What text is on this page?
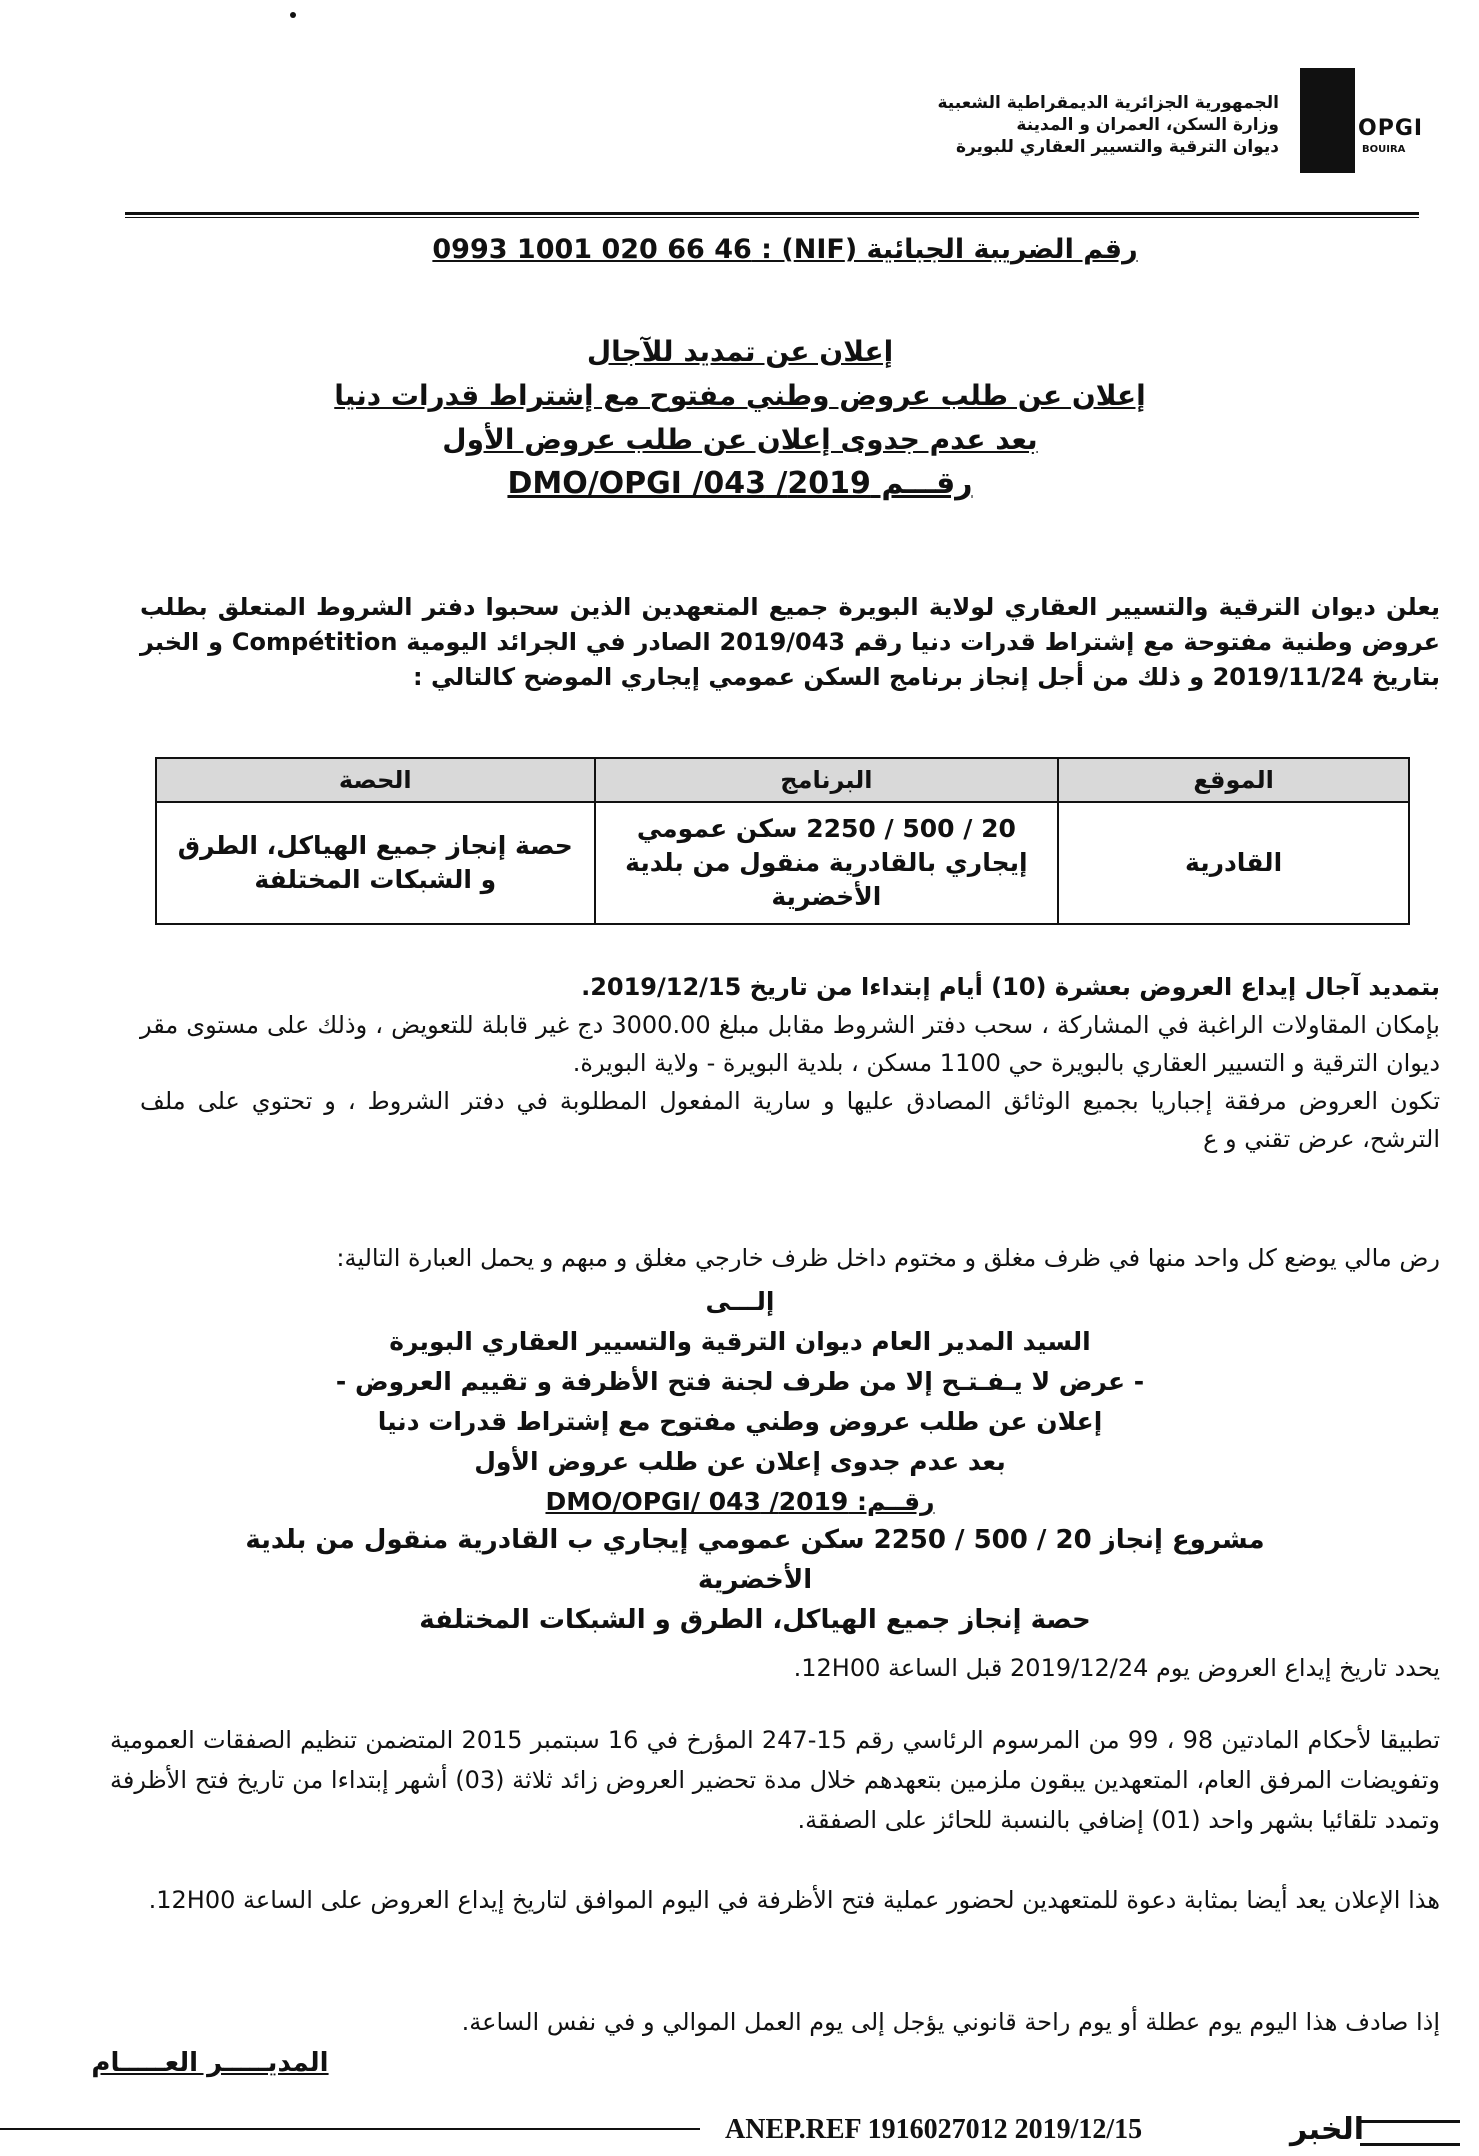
OPGI
BOUIRA
الجمهورية الجزائرية الديمقراطية الشعبية
وزارة السكن، العمران و المدينة
ديوان الترقية والتسيير العقاري للبويرة
رقم الضريبة الجبائية (NIF) : 0993 1001 020 66 46
إعلان عن تمديد للآجال
إعلان عن طلب عروض وطني مفتوح مع إشتراط قدرات دنيا
بعد عدم جدوى إعلان عن طلب عروض الأول
رقـــم 2019/ DMO/OPGI /043
يعلن ديوان الترقية والتسيير العقاري لولاية البويرة جميع المتعهدين الذين سحبوا دفتر الشروط المتعلق بطلب عروض وطنية مفتوحة مع إشتراط قدرات دنيا رقم 2019/043 الصادر في الجرائد اليومية Compétition و الخبر بتاريخ 2019/11/24 و ذلك من أجل إنجاز برنامج السكن عمومي إيجاري الموضح كالتالي :
الموقع	البرنامج	الحصة
القادرية	20 / 500 / 2250 سكن عمومي إيجاري بالقادرية منقول من بلدية الأخضرية	حصة إنجاز جميع الهياكل، الطرق و الشبكات المختلفة
بتمديد آجال إيداع العروض بعشرة (10) أيام إبتداءا من تاريخ 2019/12/15.
بإمكان المقاولات الراغبة في المشاركة ، سحب دفتر الشروط مقابل مبلغ 3000.00 دج غير قابلة للتعويض ، وذلك على مستوى مقر ديوان الترقية و التسيير العقاري بالبويرة حي 1100 مسكن ، بلدية البويرة - ولاية البويرة.
تكون العروض مرفقة إجباريا بجميع الوثائق المصادق عليها و سارية المفعول المطلوبة في دفتر الشروط ، و تحتوي على ملف الترشح، عرض تقني و ع
رض مالي يوضع كل واحد منها في ظرف مغلق و مختوم داخل ظرف خارجي مغلق و مبهم و يحمل العبارة التالية:
إلـــى
السيد المدير العام ديوان الترقية والتسيير العقاري البويرة
- عرض لا يـفـتـح إلا من طرف لجنة فتح الأظرفة و تقييم العروض -
إعلان عن طلب عروض وطني مفتوح مع إشتراط قدرات دنيا
بعد عدم جدوى إعلان عن طلب عروض الأول
رقــم: 2019/ DMO/OPGI/ 043
مشروع إنجاز 20 / 500 / 2250 سكن عمومي إيجاري ب القادرية منقول من بلدية الأخضرية
حصة إنجاز جميع الهياكل، الطرق و الشبكات المختلفة
يحدد تاريخ إيداع العروض يوم 2019/12/24 قبل الساعة 12H00.
تطبيقا لأحكام المادتين 98 ، 99 من المرسوم الرئاسي رقم 15-247 المؤرخ في 16 سبتمبر 2015 المتضمن تنظيم الصفقات العمومية وتفويضات المرفق العام، المتعهدين يبقون ملزمين بتعهدهم خلال مدة تحضير العروض زائد ثلاثة (03) أشهر إبتداءا من تاريخ فتح الأظرفة وتمدد تلقائيا بشهر واحد (01) إضافي بالنسبة للحائز على الصفقة.
هذا الإعلان يعد أيضا بمثابة دعوة للمتعهدين لحضور عملية فتح الأظرفة في اليوم الموافق لتاريخ إيداع العروض على الساعة 12H00.
إذا صادف هذا اليوم يوم عطلة أو يوم راحة قانوني يؤجل إلى يوم العمل الموالي و في نفس الساعة.
المديـــــر العـــــام
ANEP.REF 1916027012 2019/12/15	الخبر
